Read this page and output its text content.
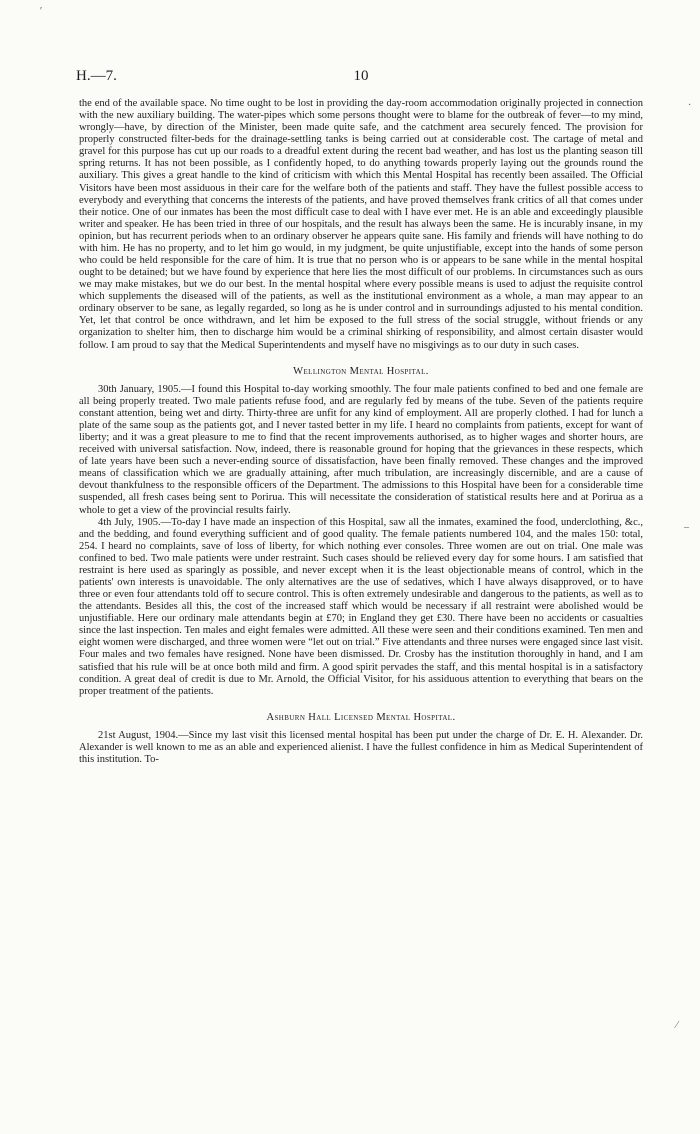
H.—7.	10

the end of the available space. No time ought to be lost in providing the day-room accommodation originally projected in connection with the new auxiliary building. The water-pipes which some persons thought were to blame for the outbreak of fever—to my mind, wrongly—have, by direction of the Minister, been made quite safe, and the catchment area securely fenced. The provision for properly constructed filter-beds for the drainage-settling tanks is being carried out at considerable cost. The cartage of metal and gravel for this purpose has cut up our roads to a dreadful extent during the recent bad weather, and has lost us the planting season till spring returns. It has not been possible, as I confidently hoped, to do anything towards properly laying out the grounds round the auxiliary. This gives a great handle to the kind of criticism with which this Mental Hospital has recently been assailed. The Official Visitors have been most assiduous in their care for the welfare both of the patients and staff. They have the fullest possible access to everybody and everything that concerns the interests of the patients, and have proved themselves frank critics of all that comes under their notice. One of our inmates has been the most difficult case to deal with I have ever met. He is an able and exceedingly plausible writer and speaker. He has been tried in three of our hospitals, and the result has always been the same. He is incurably insane, in my opinion, but has recurrent periods when to an ordinary observer he appears quite sane. His family and friends will have nothing to do with him. He has no property, and to let him go would, in my judgment, be quite unjustifiable, except into the hands of some person who could be held responsible for the care of him. It is true that no person who is or appears to be sane while in the mental hospital ought to be detained; but we have found by experience that here lies the most difficult of our problems. In circumstances such as ours we may make mistakes, but we do our best. In the mental hospital where every possible means is used to adjust the requisite control which supplements the diseased will of the patients, as well as the institutional environment as a whole, a man may appear to an ordinary observer to be sane, as legally regarded, so long as he is under control and in surroundings adjusted to his mental condition. Yet, let that control be once withdrawn, and let him be exposed to the full stress of the social struggle, without friends or any organization to shelter him, then to discharge him would be a criminal shirking of responsibility, and almost certain disaster would follow. I am proud to say that the Medical Superintendents and myself have no misgivings as to our duty in such cases.

Wellington Mental Hospital.

30th January, 1905.—I found this Hospital to-day working smoothly. The four male patients confined to bed and one female are all being properly treated. Two male patients refuse food, and are regularly fed by means of the tube. Seven of the patients require constant attention, being wet and dirty. Thirty-three are unfit for any kind of employment. All are properly clothed. I had for lunch a plate of the same soup as the patients got, and I never tasted better in my life. I heard no complaints from patients, except for want of liberty; and it was a great pleasure to me to find that the recent improvements authorised, as to higher wages and shorter hours, are received with universal satisfaction. Now, indeed, there is reasonable ground for hoping that the grievances in these respects, which of late years have been such a never-ending source of dissatisfaction, have been finally removed. These changes and the improved means of classification which we are gradually attaining, after much tribulation, are increasingly discernible, and are a cause of devout thankfulness to the responsible officers of the Department. The admissions to this Hospital have been for a considerable time suspended, all fresh cases being sent to Porirua. This will necessitate the consideration of statistical results here and at Porirua as a whole to get a view of the provincial results fairly.

4th July, 1905.—To-day I have made an inspection of this Hospital, saw all the inmates, examined the food, underclothing, &c., and the bedding, and found everything sufficient and of good quality. The female patients numbered 104, and the males 150: total, 254. I heard no complaints, save of loss of liberty, for which nothing ever consoles. Three women are out on trial. One male was confined to bed. Two male patients were under restraint. Such cases should be relieved every day for some hours. I am satisfied that restraint is here used as sparingly as possible, and never except when it is the least objectionable means of control, which in the patients' own interests is unavoidable. The only alternatives are the use of sedatives, which I have always disapproved, or to have three or even four attendants told off to secure control. This is often extremely undesirable and dangerous to the patients, as well as to the attendants. Besides all this, the cost of the increased staff which would be necessary if all restraint were abolished would be unjustifiable. Here our ordinary male attendants begin at £70; in England they get £30. There have been no accidents or casualties since the last inspection. Ten males and eight females were admitted. All these were seen and their conditions examined. Ten men and eight women were discharged, and three women were “let out on trial.” Five attendants and three nurses were engaged since last visit. Four males and two females have resigned. None have been dismissed. Dr. Crosby has the institution thoroughly in hand, and I am satisfied that his rule will be at once both mild and firm. A good spirit pervades the staff, and this mental hospital is in a satisfactory condition. A great deal of credit is due to Mr. Arnold, the Official Visitor, for his assiduous attention to everything that bears on the proper treatment of the patients.

Ashburn Hall Licensed Mental Hospital.

21st August, 1904.—Since my last visit this licensed mental hospital has been put under the charge of Dr. E. H. Alexander. Dr. Alexander is well known to me as an able and experienced alienist. I have the fullest confidence in him as Medical Superintendent of this institution. To-

′
·
–
⁄
